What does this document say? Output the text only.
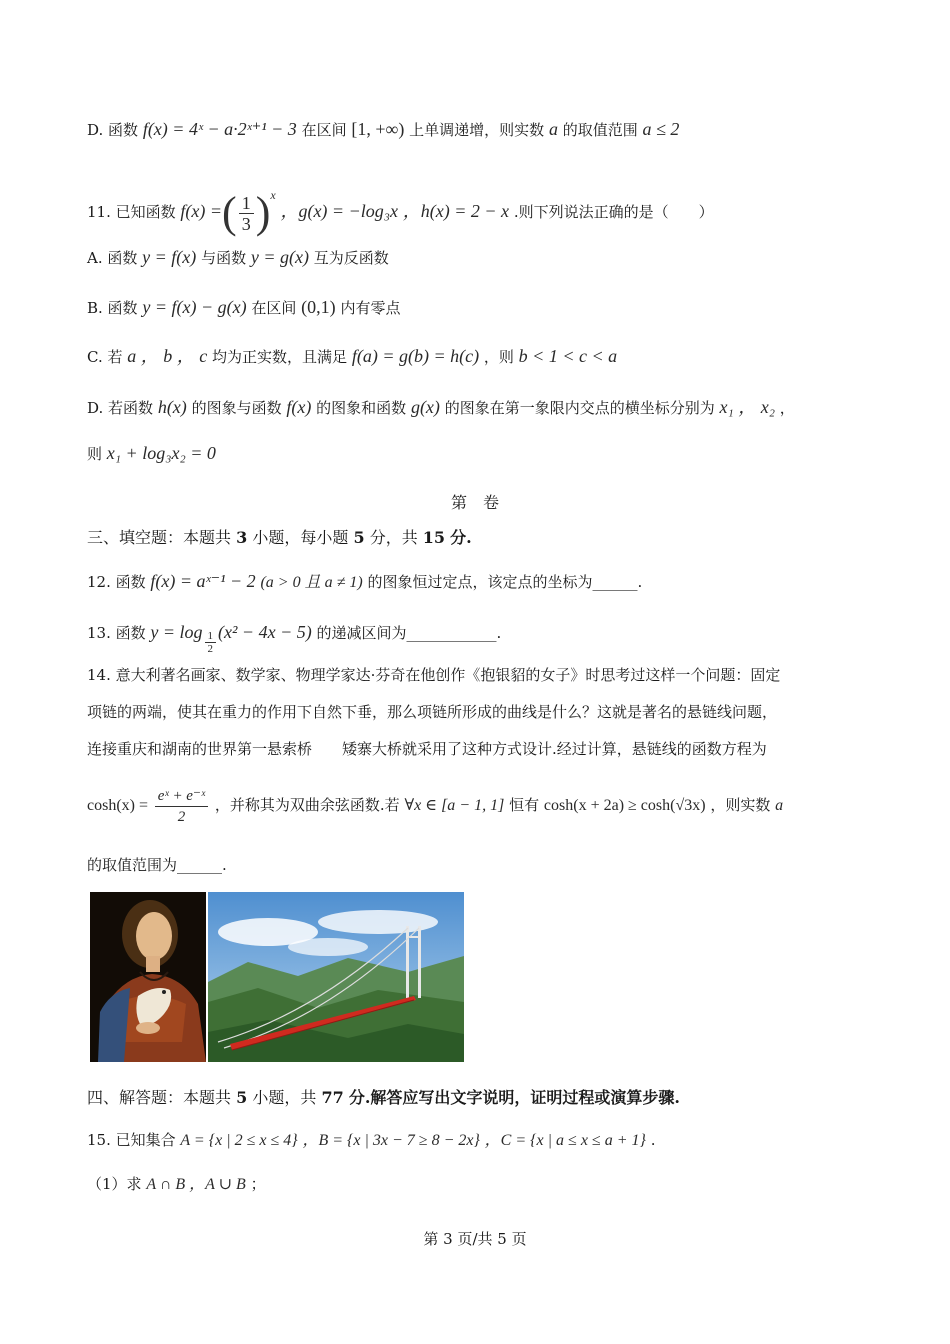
D. 函数 f(x) = 4ˣ − a·2ˣ⁺¹ − 3 在区间 [1, +∞) 上单调递增，则实数 a 的取值范围 a ≤ 2
11. 已知函数 f(x) =( $\frac{1}{3} )^x$ ，g(x) = −log₃x ，h(x) = 2 − x .则下列说法正确的是（　　）
A. 函数 y = f(x) 与函数 y = g(x) 互为反函数
B. 函数 y = f(x) − g(x) 在区间 (0,1) 内有零点
C. 若 a ， b ， c 均为正实数，且满足 f(a) = g(b) = h(c) ，则 b < 1 < c < a
D. 若函数 h(x) 的图象与函数 f(x) 的图象和函数 g(x) 的图象在第一象限内交点的横坐标分别为 x₁ ， x₂ ，
则 x₁ + log₃x₂ = 0
第　卷
三、填空题：本题共 3 小题，每小题 5 分，共 15 分.
12. 函数 f(x) = aˣ⁻¹ − 2 (a > 0 且 a ≠ 1) 的图象恒过定点，该定点的坐标为______.
13. 函数 $y = \log \frac{1}{2} (x^2 - 4x - 5)$ 的递减区间为____________.
14. 意大利著名画家、数学家、物理学家达·芬奇在他创作《抱银貂的女子》时思考过这样一个问题：固定
项链的两端，使其在重力的作用下自然下垂，那么项链所形成的曲线是什么？这就是著名的悬链线问题，
连接重庆和湖南的世界第一悬索桥　　矮寨大桥就采用了这种方式设计.经过计算，悬链线的函数方程为
$\cosh(x) = \frac{\text{eˣ + e⁻ˣ}}{2}$ ，并称其为双曲余弦函数.若 ∀x ∈ [a − 1, 1] 恒有 cosh(x + 2a) ≥ cosh(√3x) ，则实数 a
的取值范围为______.
四、解答题：本题共 5 小题，共 77 分.解答应写出文字说明，证明过程或演算步骤.
15. 已知集合 A = {x | 2 ≤ x ≤ 4} ，B = {x | 3x − 7 ≥ 8 − 2x} ，C = {x | a ≤ x ≤ a + 1} .
（1）求 A ∩ B ，A ∪ B ；
第 3 页/共 5 页
